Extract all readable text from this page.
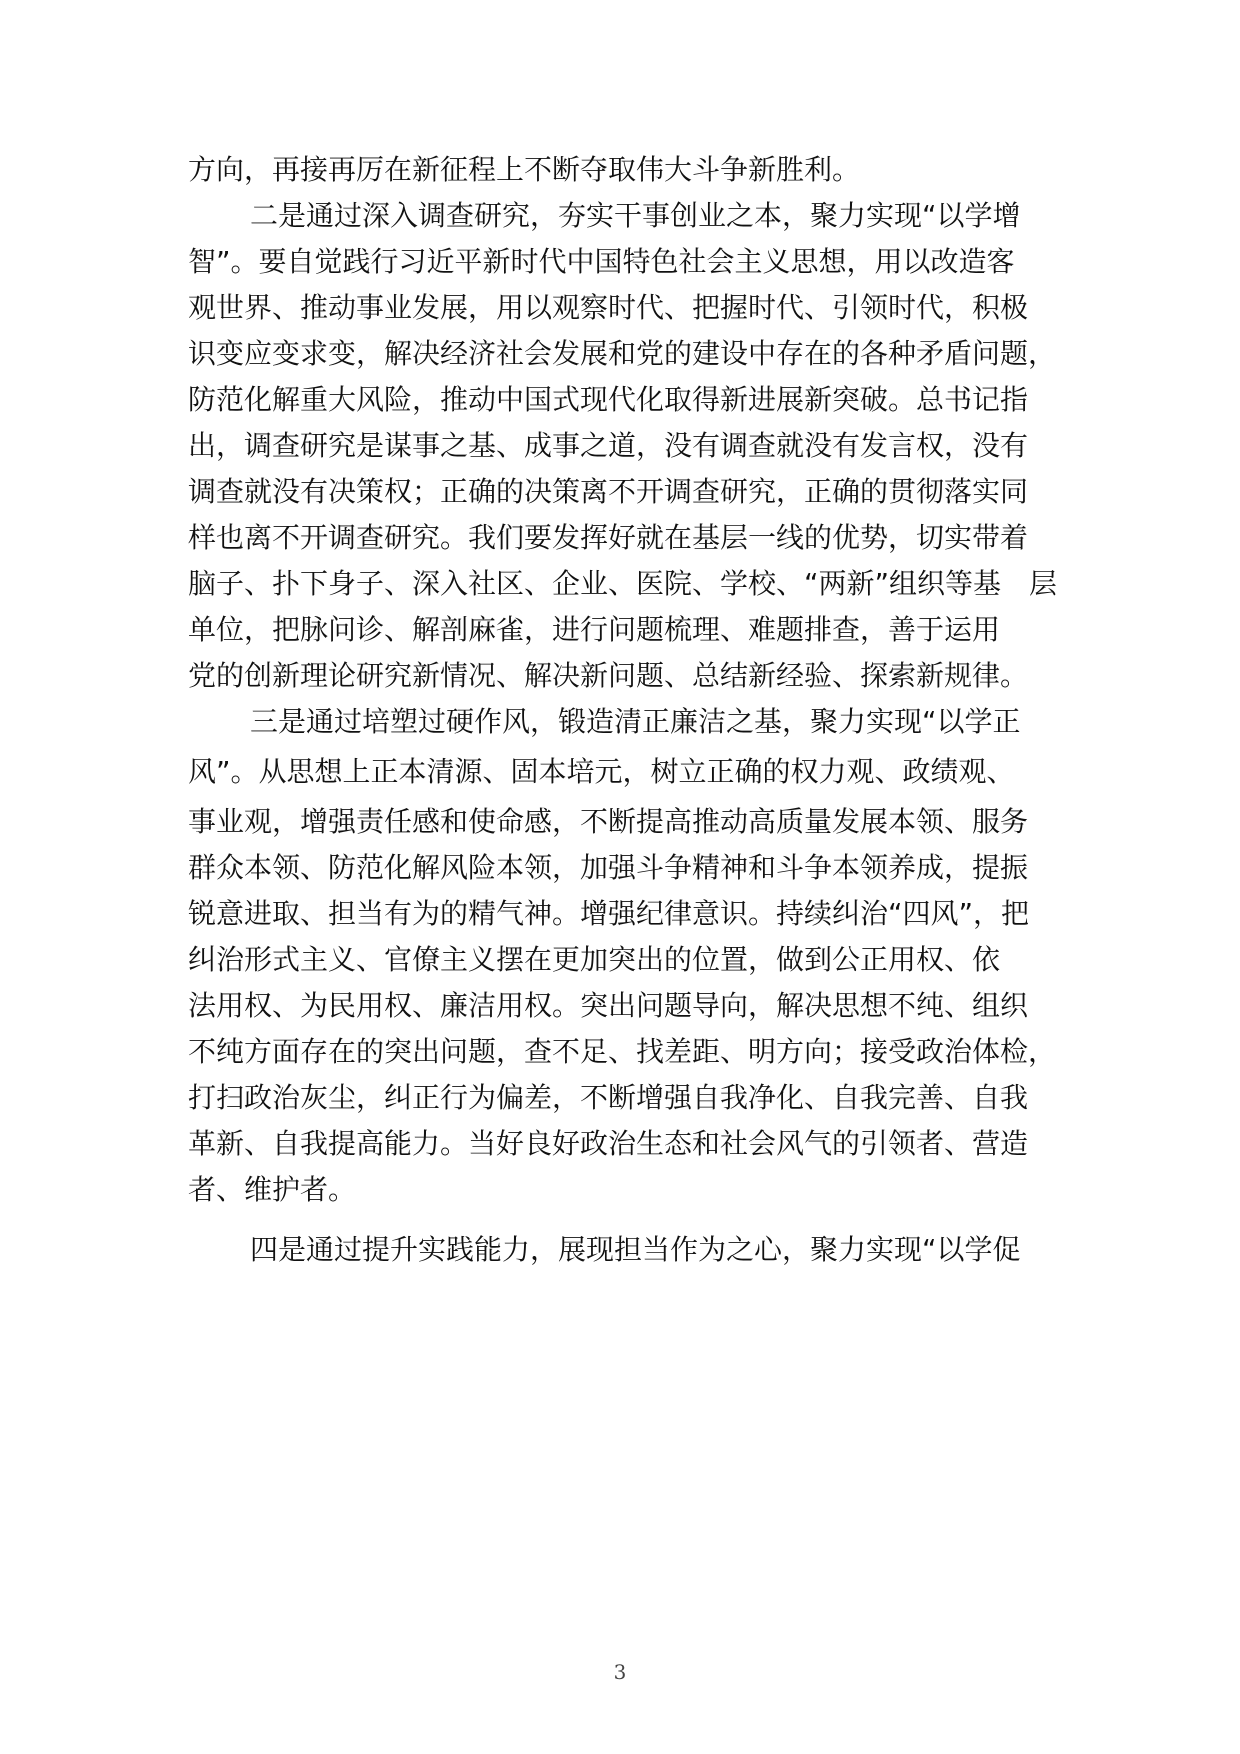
方向，再接再厉在新征程上不断夺取伟大斗争新胜利。
二是通过深入调查研究，夯实干事创业之本，聚力实现“以学增
智”。要自觉践行习近平新时代中国特色社会主义思想，用以改造客
观世界、推动事业发展，用以观察时代、把握时代、引领时代，积极
识变应变求变，解决经济社会发展和党的建设中存在的各种矛盾问题，
防范化解重大风险，推动中国式现代化取得新进展新突破。总书记指
出，调查研究是谋事之基、成事之道，没有调查就没有发言权，没有
调查就没有决策权；正确的决策离不开调查研究，正确的贯彻落实同
样也离不开调查研究。我们要发挥好就在基层一线的优势，切实带着
脑子、扑下身子、深入社区、企业、医院、学校、“两新”组织等基　层
单位，把脉问诊、解剖麻雀，进行问题梳理、难题排查，善于运用
党的创新理论研究新情况、解决新问题、总结新经验、探索新规律。
三是通过培塑过硬作风，锻造清正廉洁之基，聚力实现“以学正
风”。从思想上正本清源、固本培元，树立正确的权力观、政绩观、
事业观，增强责任感和使命感，不断提高推动高质量发展本领、服务
群众本领、防范化解风险本领，加强斗争精神和斗争本领养成，提振
锐意进取、担当有为的精气神。增强纪律意识。持续纠治“四风”，把
纠治形式主义、官僚主义摆在更加突出的位置，做到公正用权、依
法用权、为民用权、廉洁用权。突出问题导向，解决思想不纯、组织
不纯方面存在的突出问题，查不足、找差距、明方向；接受政治体检，
打扫政治灰尘，纠正行为偏差，不断增强自我净化、自我完善、自我
革新、自我提高能力。当好良好政治生态和社会风气的引领者、营造
者、维护者。
四是通过提升实践能力，展现担当作为之心，聚力实现“以学促
3
